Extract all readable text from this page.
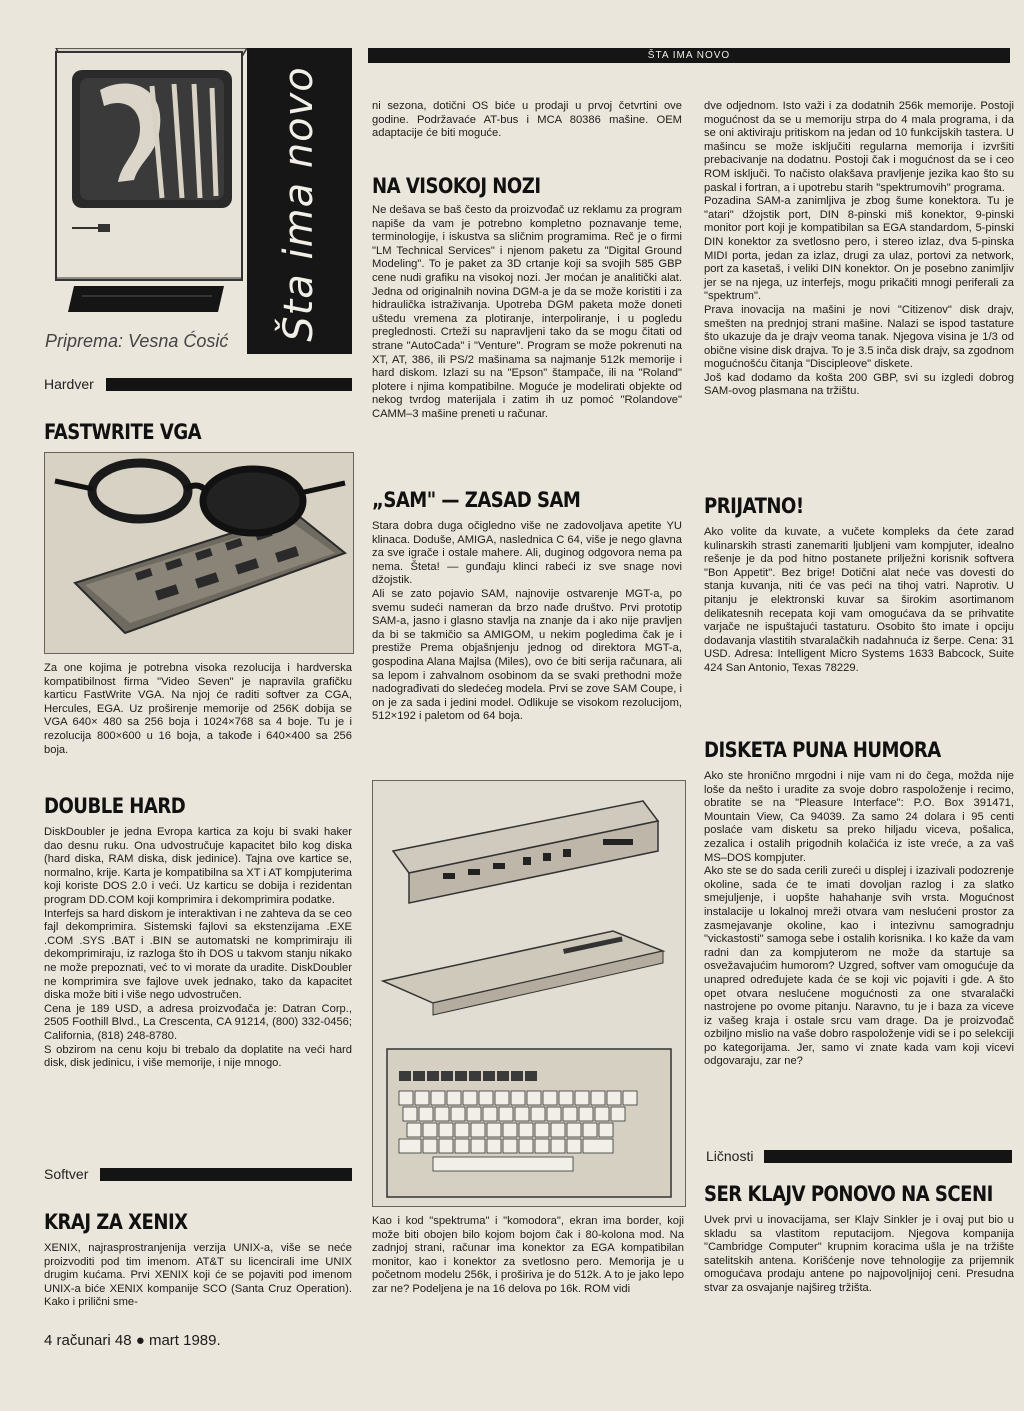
ŠTA IMA NOVO
Šta ima novo
Priprema: Vesna Ćosić
Hardver
FASTWRITE VGA

Za one kojima je potrebna visoka rezolucija i hardverska kompatibilnost firma "Video Seven" je napravila grafičku karticu FastWrite VGA. Na njoj će raditi softver za CGA, Hercules, EGA. Uz proširenje memorije od 256K dobija se VGA 640× 480 sa 256 boja i 1024×768 sa 4 boje. Tu je i rezolucija 800×600 u 16 boja, a takođe i 640×400 sa 256 boja.

DOUBLE HARD

DiskDoubler je jedna Evropa kartica za koju bi svaki haker dao desnu ruku. Ona udvostručuje kapacitet bilo kog diska (hard diska, RAM diska, disk jedinice). Tajna ove kartice se, normalno, krije. Karta je kompatibilna sa XT i AT kompjuterima koji koriste DOS 2.0 i veći. Uz karticu se dobija i rezidentan program DD.COM koji komprimira i dekomprimira podatke.
Interfejs sa hard diskom je interaktivan i ne zahteva da se ceo fajl dekomprimira. Sistemski fajlovi sa ekstenzijama .EXE .COM .SYS .BAT i .BIN se automatski ne komprimiraju ili dekomprimiraju, iz razloga što ih DOS u takvom stanju nikako ne može prepoznati, već to vi morate da uradite. DiskDoubler ne komprimira sve fajlove uvek jednako, tako da kapacitet diska može biti i više nego udvostručen.
Cena je 189 USD, a adresa proizvođača je: Datran Corp., 2505 Foothill Blvd., La Crescenta, CA 91214, (800) 332-0456; California, (818) 248-8780.
S obzirom na cenu koju bi trebalo da doplatite na veći hard disk, disk jedinicu, i više memorije, i nije mnogo.

Softver
KRAJ ZA XENIX

XENIX, najrasprostranjenija verzija UNIX-a, više se neće proizvoditi pod tim imenom. AT&T su licencirali ime UNIX drugim kućama. Prvi XENIX koji će se pojaviti pod imenom UNIX-a biće XENIX kompanije SCO (Santa Cruz Operation). Kako i prilični sme-

4 računari 48 ● mart 1989.

ni sezona, dotični OS biće u prodaji u prvoj četvrtini ove godine. Podržavaće AT-bus i MCA 80386 mašine. OEM adaptacije će biti moguće.

NA VISOKOJ NOZI

Ne dešava se baš često da proizvođač uz reklamu za program napiše da vam je potrebno kompletno poznavanje teme, terminologije, i iskustva sa sličnim programima. Reč je o firmi "LM Technical Services" i njenom paketu za "Digital Ground Modeling". To je paket za 3D crtanje koji sa svojih 585 GBP cene nudi grafiku na visokoj nozi. Jer moćan je analitički alat. Jedna od originalnih novina DGM-a je da se može koristiti i za hidraulička istraživanja. Upotreba DGM paketa može doneti uštedu vremena za plotiranje, interpoliranje, i u pogledu preglednosti. Crteži su napravljeni tako da se mogu čitati od strane "AutoCada" i "Venture". Program se može pokrenuti na XT, AT, 386, ili PS/2 mašinama sa najmanje 512k memorije i hard diskom. Izlazi su na "Epson" štampače, ili na "Roland" plotere i njima kompatibilne. Moguće je modelirati objekte od nekog tvrdog materijala i zatim ih uz pomoć "Rolandove" CAMM–3 mašine preneti u računar.

„SAM" — ZASAD SAM

Stara dobra duga očigledno više ne zadovoljava apetite YU klinaca. Doduše, AMIGA, naslednica C 64, više je nego glavna za sve igrače i ostale mahere. Ali, duginog odgovora nema pa nema. Šteta! — gunđaju klinci rabeći iz sve snage novi džojstik.
Ali se zato pojavio SAM, najnovije ostvarenje MGT-a, po svemu sudeći nameran da brzo nađe društvo. Prvi prototip SAM-a, jasno i glasno stavlja na znanje da i ako nije pravljen da bi se takmičio sa AMIGOM, u nekim pogledima čak je i prestiže Prema objašnjenju jednog od direktora MGT-a, gospodina Alana Majlsa (Miles), ovo će biti serija računara, ali sa lepom i zahvalnom osobinom da se svaki prethodni može nadograđivati do sledećeg modela. Prvi se zove SAM Coupe, i on je za sada i jedini model. Odlikuje se visokom rezolucijom, 512×192 i paletom od 64 boja.

Kao i kod "spektruma" i "komodora", ekran ima border, koji može biti obojen bilo kojom bojom čak i 80-kolona mod. Na zadnjoj strani, računar ima konektor za EGA kompatibilan monitor, kao i konektor za svetlosno pero. Memorija je u početnom modelu 256k, i proširiva je do 512k. A to je jako lepo zar ne? Podeljena je na 16 delova po 16k. ROM vidi

dve odjednom. Isto važi i za dodatnih 256k memorije. Postoji mogućnost da se u memoriju strpa do 4 mala programa, i da se oni aktiviraju pritiskom na jedan od 10 funkcijskih tastera. U mašincu se može isključiti regularna memorija i izvršiti prebacivanje na dodatnu. Postoji čak i mogućnost da se i ceo ROM isključi. To načisto olakšava pravljenje jezika kao što su paskal i fortran, a i upotrebu starih "spektrumovih" programa.
Pozadina SAM-a zanimljiva je zbog šume konektora. Tu je "atari" džojstik port, DIN 8-pinski miš konektor, 9-pinski monitor port koji je kompatibilan sa EGA standardom, 5-pinski DIN konektor za svetlosno pero, i stereo izlaz, dva 5-pinska MIDI porta, jedan za izlaz, drugi za ulaz, portovi za network, port za kasetaš, i veliki DIN konektor. On je posebno zanimljiv jer se na njega, uz interfejs, mogu prikačiti mnogi periferali za "spektrum".
Prava inovacija na mašini je novi "Citizenov" disk drajv, smešten na prednjoj strani mašine. Nalazi se ispod tastature što ukazuje da je drajv veoma tanak. Njegova visina je 1/3 od obične visine disk drajva. To je 3.5 inča disk drajv, sa zgodnom mogućnošću čitanja "Discipleove" diskete.
Još kad dodamo da košta 200 GBP, svi su izgledi dobrog SAM-ovog plasmana na tržištu.

PRIJATNO!

Ako volite da kuvate, a vučete kompleks da ćete zarad kulinarskih strasti zanemariti ljubljeni vam kompjuter, idealno rešenje je da pod hitno postanete prilježni korisnik softvera "Bon Appetit". Bez brige! Dotični alat neće vas dovesti do stanja kuvanja, niti će vas peći na tihoj vatri. Naprotiv. U pitanju je elektronski kuvar sa širokim asortimanom delikatesnih recepata koji vam omogućava da se prihvatite varjače ne ispuštajući tastaturu. Osobito što imate i opciju dodavanja vlastitih stvaralačkih nadahnuća iz šerpe. Cena: 31 USD. Adresa: Intelligent Micro Systems 1633 Babcock, Suite 424 San Antonio, Texas 78229.

DISKETA PUNA HUMORA

Ako ste hronično mrgodni i nije vam ni do čega, možda nije loše da nešto i uradite za svoje dobro raspoloženje i recimo, obratite se na "Pleasure Interface": P.O. Box 391471, Mountain View, Ca 94039. Za samo 24 dolara i 95 centi poslaće vam disketu sa preko hiljadu viceva, pošalica, zezalica i ostalih prigodnih kolačića iz iste vreće, a za vaš MS–DOS kompjuter.
Ako ste se do sada cerili zureći u displej i izazivali podozrenje okoline, sada će te imati dovoljan razlog i za slatko smejuljenje, i uopšte hahahanje svih vrsta. Mogućnost instalacije u lokalnoj mreži otvara vam neslućeni prostor za zasmejavanje okoline, kao i intezivnu samogradnju "vickastosti" samoga sebe i ostalih korisnika. I ko kaže da vam radni dan za kompjuterom ne može da startuje sa osvežavajućim humorom? Uzgred, softver vam omogućuje da unapred određujete kada će se koji vic pojaviti i gde. A što opet otvara neslućene mogućnosti za one stvaralački nastrojene po ovome pitanju. Naravno, tu je i baza za viceve iz vašeg kraja i ostale srcu vam drage. Da je proizvođač ozbiljno mislio na vaše dobro raspoloženje vidi se i po selekciji po kategorijama. Jer, samo vi znate kada vam koji vicevi odgovaraju, zar ne?

Ličnosti
SER KLAJV PONOVO NA SCENI

Uvek prvi u inovacijama, ser Klajv Sinkler je i ovaj put bio u skladu sa vlastitom reputacijom. Njegova kompanija "Cambridge Computer" krupnim koracima ušla je na tržište satelitskih antena. Korišćenje nove tehnologije za prijemnik omogućava prodaju antene po najpovoljnijoj ceni. Presudna stvar za osvajanje najšireg tržišta.
